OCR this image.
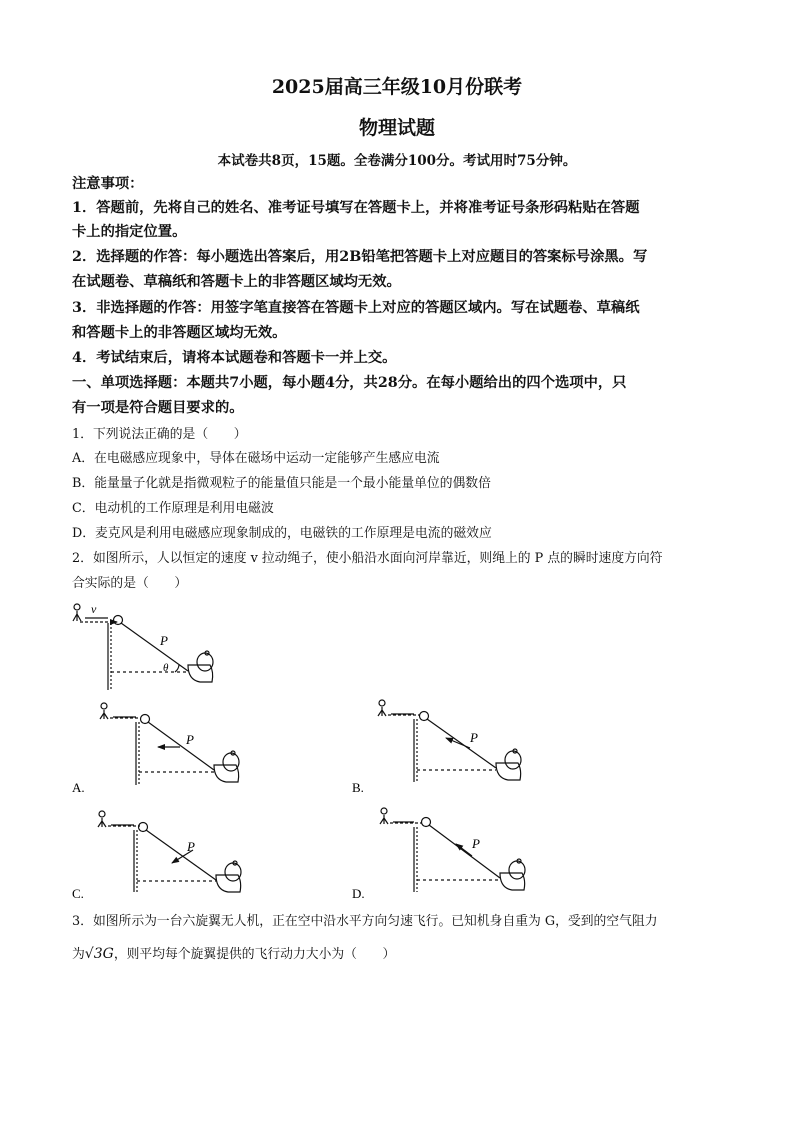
2025届高三年级10月份联考
物理试题
本试卷共8页，15题。全卷满分100分。考试用时75分钟。
注意事项：
1．答题前，先将自己的姓名、准考证号填写在答题卡上，并将准考证号条形码粘贴在答题
卡上的指定位置。
2．选择题的作答：每小题选出答案后，用2B铅笔把答题卡上对应题目的答案标号涂黑。写
在试题卷、草稿纸和答题卡上的非答题区域均无效。
3．非选择题的作答：用签字笔直接答在答题卡上对应的答题区域内。写在试题卷、草稿纸
和答题卡上的非答题区域均无效。
4．考试结束后，请将本试题卷和答题卡一并上交。
一、单项选择题：本题共7小题，每小题4分，共28分。在每小题给出的四个选项中，只
有一项是符合题目要求的。
1．下列说法正确的是（　　）
A．在电磁感应现象中，导体在磁场中运动一定能够产生感应电流
B．能量量子化就是指微观粒子的能量值只能是一个最小能量单位的偶数倍
C．电动机的工作原理是利用电磁波
D．麦克风是利用电磁感应现象制成的，电磁铁的工作原理是电流的磁效应
2．如图所示，人以恒定的速度 v 拉动绳子，使小船沿水面向河岸靠近，则绳上的 P 点的瞬时速度方向符
合实际的是（　　）
v
P
θ
P
A.
P
B.
P
C.
P
D.
3．如图所示为一台六旋翼无人机，正在空中沿水平方向匀速飞行。已知机身自重为 G，受到的空气阻力
为√3G，则平均每个旋翼提供的飞行动力大小为（　　）
